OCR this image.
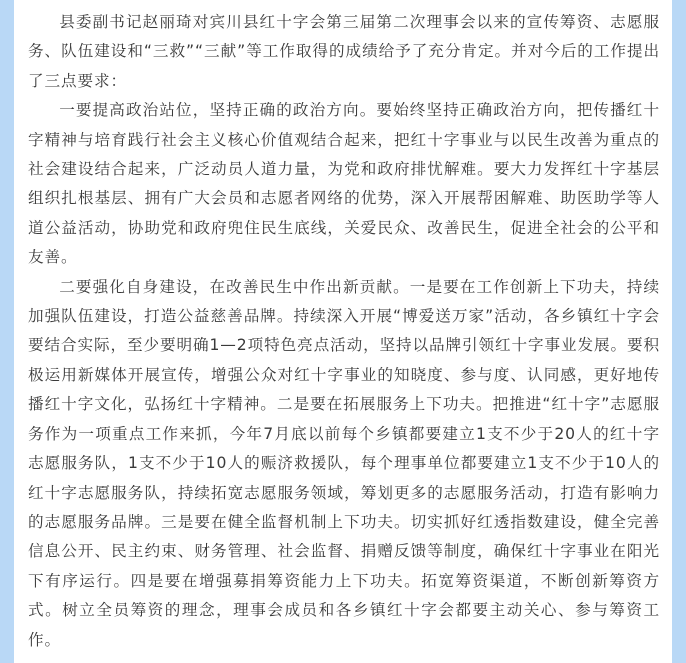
县委副书记赵丽琦对宾川县红十字会第三届第二次理事会以来的宣传筹资、志愿服务、队伍建设和“三救”“三献”等工作取得的成绩给予了充分肯定。并对今后的工作提出了三点要求：

一要提高政治站位，坚持正确的政治方向。要始终坚持正确政治方向，把传播红十字精神与培育践行社会主义核心价值观结合起来，把红十字事业与以民生改善为重点的社会建设结合起来，广泛动员人道力量，为党和政府排忧解难。要大力发挥红十字基层组织扎根基层、拥有广大会员和志愿者网络的优势，深入开展帮困解难、助医助学等人道公益活动，协助党和政府兜住民生底线，关爱民众、改善民生，促进全社会的公平和友善。

二要强化自身建设，在改善民生中作出新贡献。一是要在工作创新上下功夫，持续加强队伍建设，打造公益慈善品牌。持续深入开展“博爱送万家”活动，各乡镇红十字会要结合实际，至少要明确1—2项特色亮点活动，坚持以品牌引领红十字事业发展。要积极运用新媒体开展宣传，增强公众对红十字事业的知晓度、参与度、认同感，更好地传播红十字文化，弘扬红十字精神。二是要在拓展服务上下功夫。把推进“红十字”志愿服务作为一项重点工作来抓，今年7月底以前每个乡镇都要建立1支不少于20人的红十字志愿服务队，1支不少于10人的赈济救援队，每个理事单位都要建立1支不少于10人的红十字志愿服务队，持续拓宽志愿服务领域，筹划更多的志愿服务活动，打造有影响力的志愿服务品牌。三是要在健全监督机制上下功夫。切实抓好红透指数建设，健全完善信息公开、民主约束、财务管理、社会监督、捐赠反馈等制度，确保红十字事业在阳光下有序运行。四是要在增强募捐筹资能力上下功夫。拓宽筹资渠道，不断创新筹资方式。树立全员筹资的理念，理事会成员和各乡镇红十字会都要主动关心、参与筹资工作。
